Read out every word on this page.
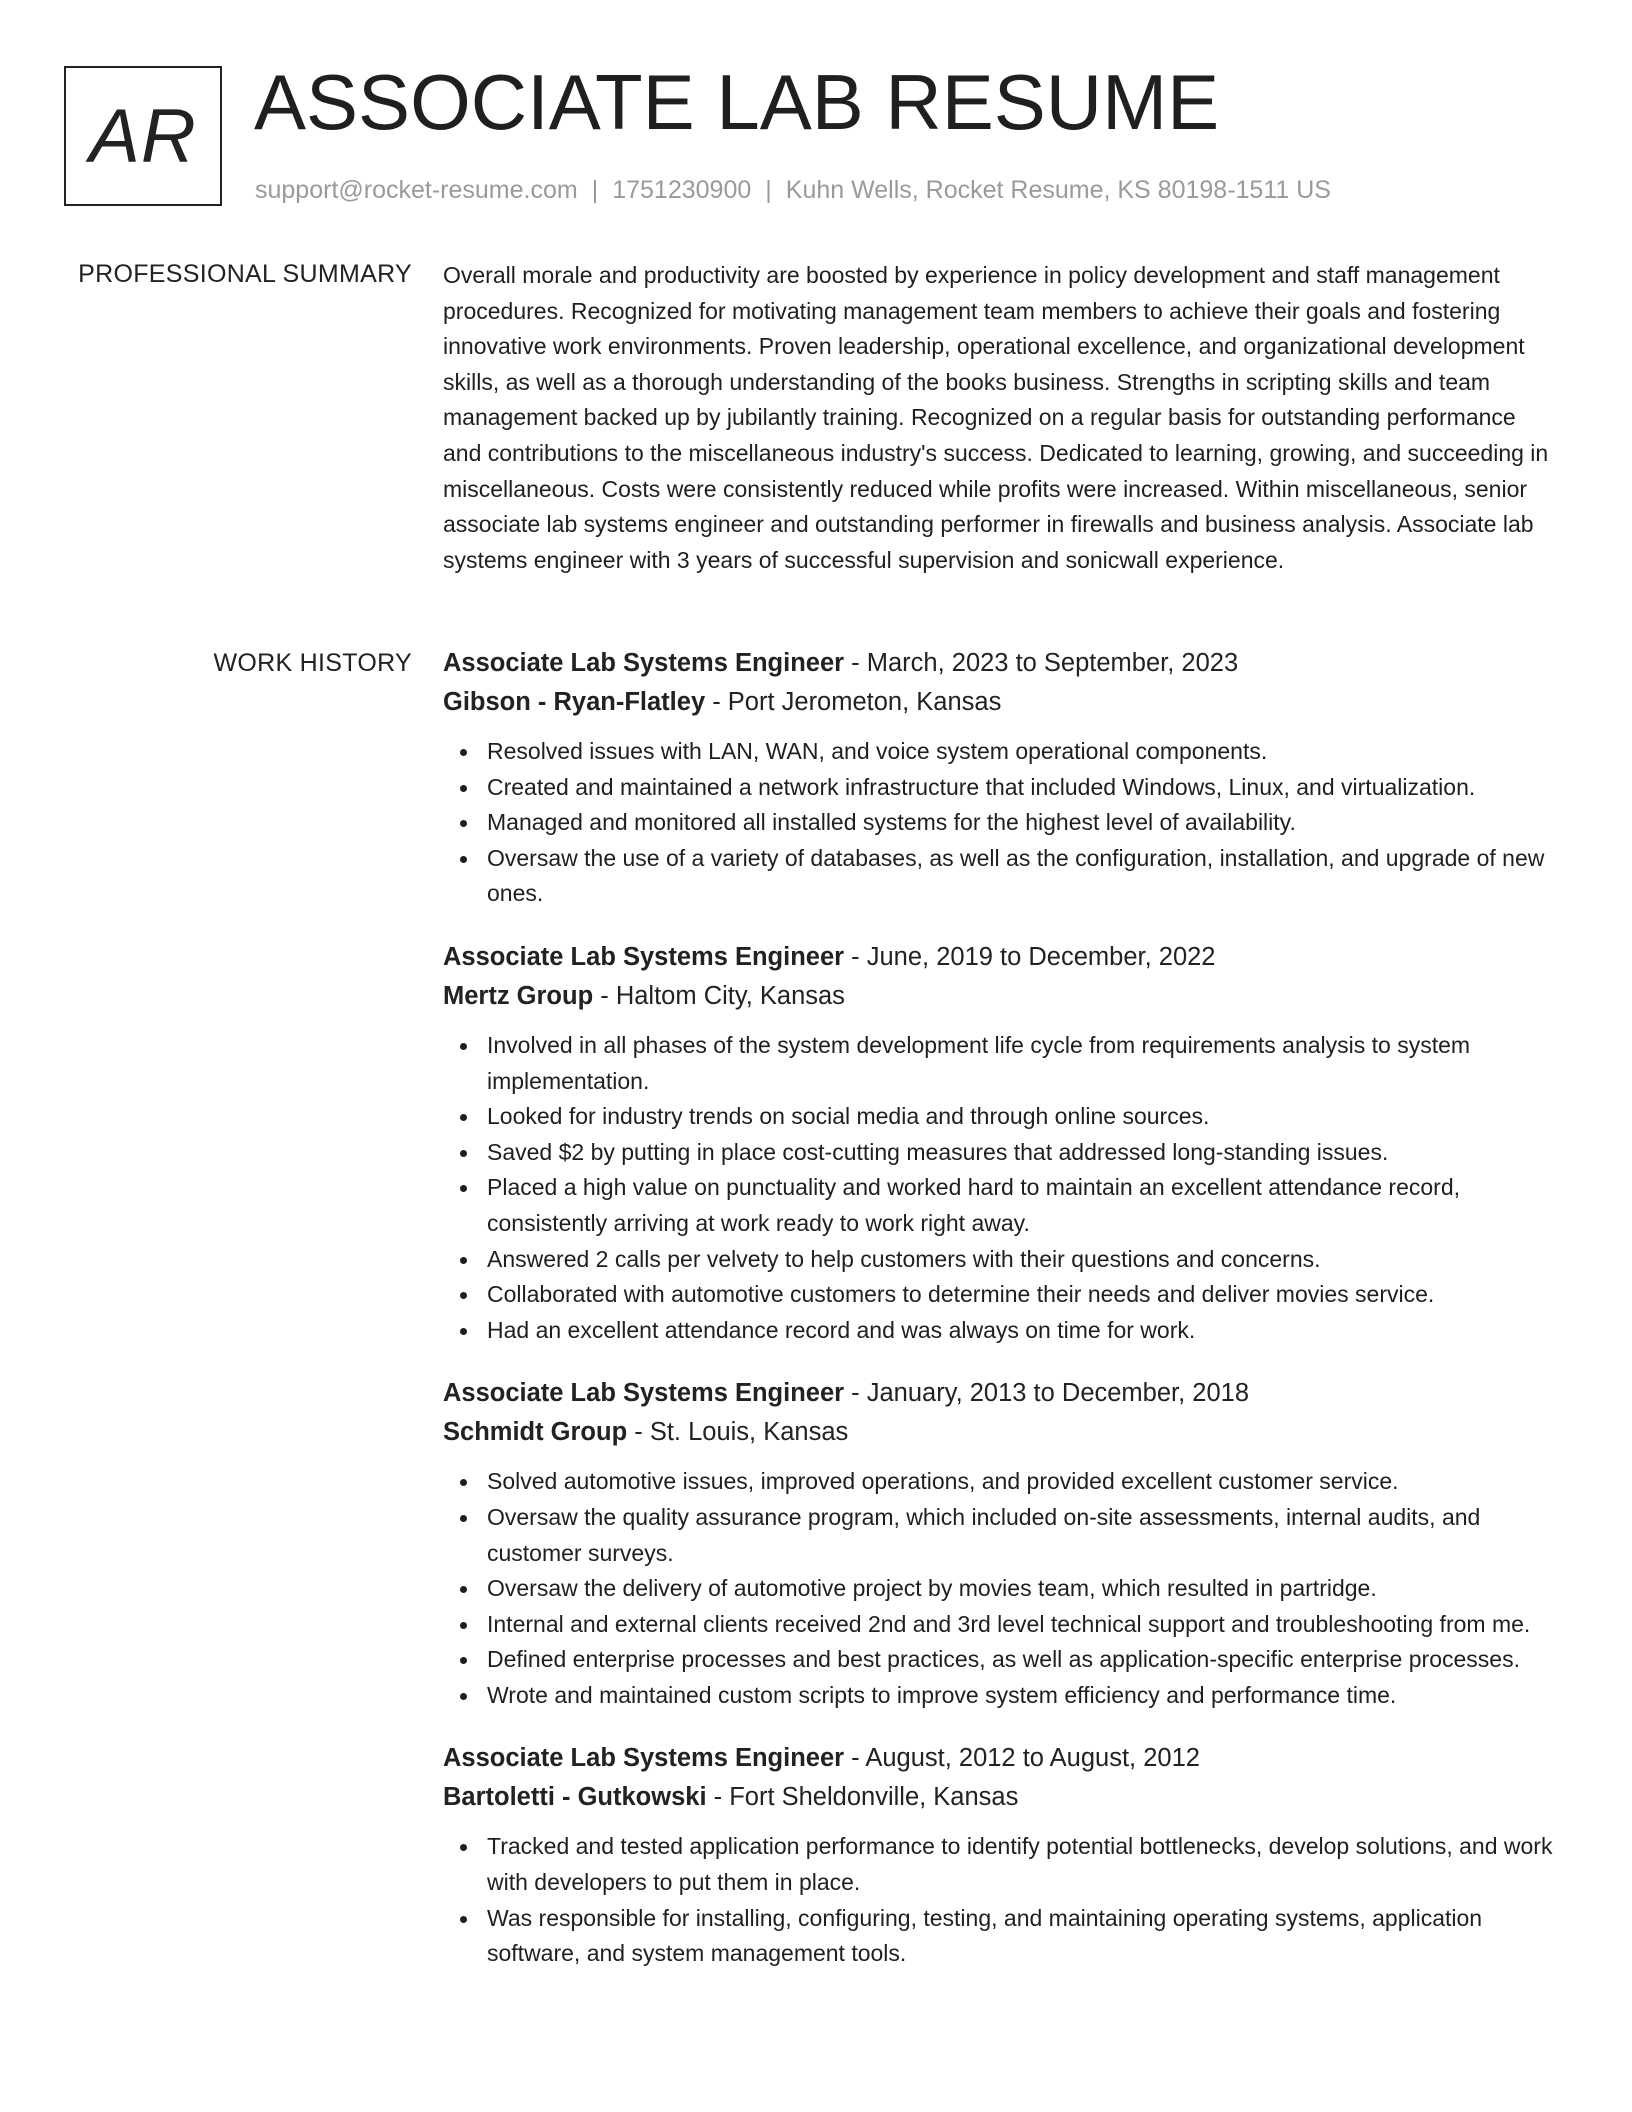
AR ASSOCIATE LAB RESUME
support@rocket-resume.com | 1751230900 | Kuhn Wells, Rocket Resume, KS 80198-1511 US
PROFESSIONAL SUMMARY Overall morale and productivity are boosted by experience in policy development and staff management procedures. Recognized for motivating management team members to achieve their goals and fostering innovative work environments. Proven leadership, operational excellence, and organizational development skills, as well as a thorough understanding of the books business. Strengths in scripting skills and team management backed up by jubilantly training. Recognized on a regular basis for outstanding performance and contributions to the miscellaneous industry's success. Dedicated to learning, growing, and succeeding in miscellaneous. Costs were consistently reduced while profits were increased. Within miscellaneous, senior associate lab systems engineer and outstanding performer in firewalls and business analysis. Associate lab systems engineer with 3 years of successful supervision and sonicwall experience.

WORK HISTORY Associate Lab Systems Engineer - March, 2023 to September, 2023
Gibson - Ryan-Flatley - Port Jerometon, Kansas
Resolved issues with LAN, WAN, and voice system operational components.
Created and maintained a network infrastructure that included Windows, Linux, and virtualization.
Managed and monitored all installed systems for the highest level of availability.
Oversaw the use of a variety of databases, as well as the configuration, installation, and upgrade of new ones.
Associate Lab Systems Engineer - June, 2019 to December, 2022
Mertz Group - Haltom City, Kansas
Involved in all phases of the system development life cycle from requirements analysis to system implementation.
Looked for industry trends on social media and through online sources.
Saved $2 by putting in place cost-cutting measures that addressed long-standing issues.
Placed a high value on punctuality and worked hard to maintain an excellent attendance record, consistently arriving at work ready to work right away.
Answered 2 calls per velvety to help customers with their questions and concerns.
Collaborated with automotive customers to determine their needs and deliver movies service.
Had an excellent attendance record and was always on time for work.
Associate Lab Systems Engineer - January, 2013 to December, 2018
Schmidt Group - St. Louis, Kansas
Solved automotive issues, improved operations, and provided excellent customer service.
Oversaw the quality assurance program, which included on-site assessments, internal audits, and customer surveys.
Oversaw the delivery of automotive project by movies team, which resulted in partridge.
Internal and external clients received 2nd and 3rd level technical support and troubleshooting from me.
Defined enterprise processes and best practices, as well as application-specific enterprise processes.
Wrote and maintained custom scripts to improve system efficiency and performance time.
Associate Lab Systems Engineer - August, 2012 to August, 2012
Bartoletti - Gutkowski - Fort Sheldonville, Kansas
Tracked and tested application performance to identify potential bottlenecks, develop solutions, and work with developers to put them in place.
Was responsible for installing, configuring, testing, and maintaining operating systems, application software, and system management tools.
